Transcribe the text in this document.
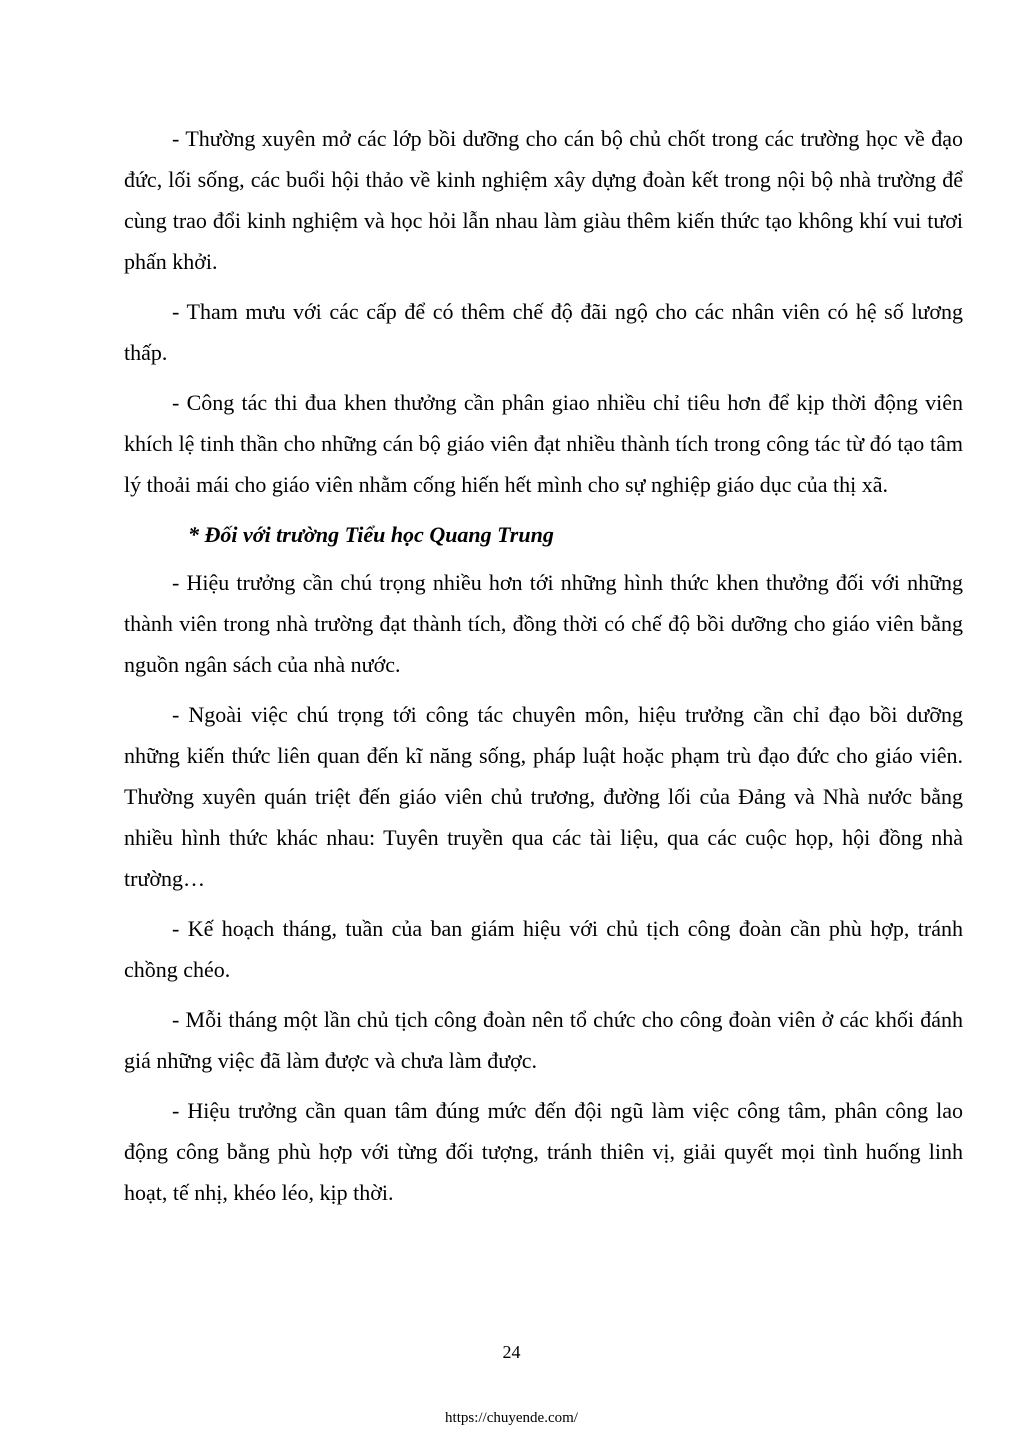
- Thường xuyên mở các lớp bồi dưỡng cho cán bộ chủ chốt trong các trường học về đạo đức, lối sống, các buổi hội thảo về kinh nghiệm xây dựng đoàn kết trong nội bộ nhà trường để cùng trao đổi kinh nghiệm và học hỏi lẫn nhau làm giàu thêm kiến thức tạo không khí vui tươi phấn khởi.

- Tham mưu với các cấp để có thêm chế độ đãi ngộ cho các nhân viên có hệ số lương thấp.

- Công tác thi đua khen thưởng cần phân giao nhiều chỉ tiêu hơn để kịp thời động viên khích lệ tinh thần cho những cán bộ giáo viên đạt nhiều thành tích trong công tác từ đó tạo tâm lý thoải mái cho giáo viên nhằm cống hiến hết mình cho sự nghiệp giáo dục của thị xã.

* Đối với trường Tiểu học Quang Trung

- Hiệu trưởng cần chú trọng nhiều hơn tới những hình thức khen thưởng đối với những thành viên trong nhà trường đạt thành tích, đồng thời có chế độ bồi dưỡng cho giáo viên bằng nguồn ngân sách của nhà nước.

- Ngoài việc chú trọng tới công tác chuyên môn, hiệu trưởng cần chỉ đạo bồi dưỡng những kiến thức liên quan đến kĩ năng sống, pháp luật hoặc phạm trù đạo đức cho giáo viên. Thường xuyên quán triệt đến giáo viên chủ trương, đường lối của Đảng và Nhà nước bằng nhiều hình thức khác nhau: Tuyên truyền qua các tài liệu, qua các cuộc họp, hội đồng nhà trường…

- Kế hoạch tháng, tuần của ban giám hiệu với chủ tịch công đoàn cần phù hợp, tránh chồng chéo.

- Mỗi tháng một lần chủ tịch công đoàn nên tổ chức cho công đoàn viên ở các khối đánh giá những việc đã làm được và chưa làm được.

- Hiệu trưởng cần quan tâm đúng mức đến đội ngũ làm việc công tâm, phân công lao động công bằng phù hợp với từng đối tượng, tránh thiên vị, giải quyết mọi tình huống linh hoạt, tế nhị, khéo léo, kịp thời.

24
https://chuyende.com/
